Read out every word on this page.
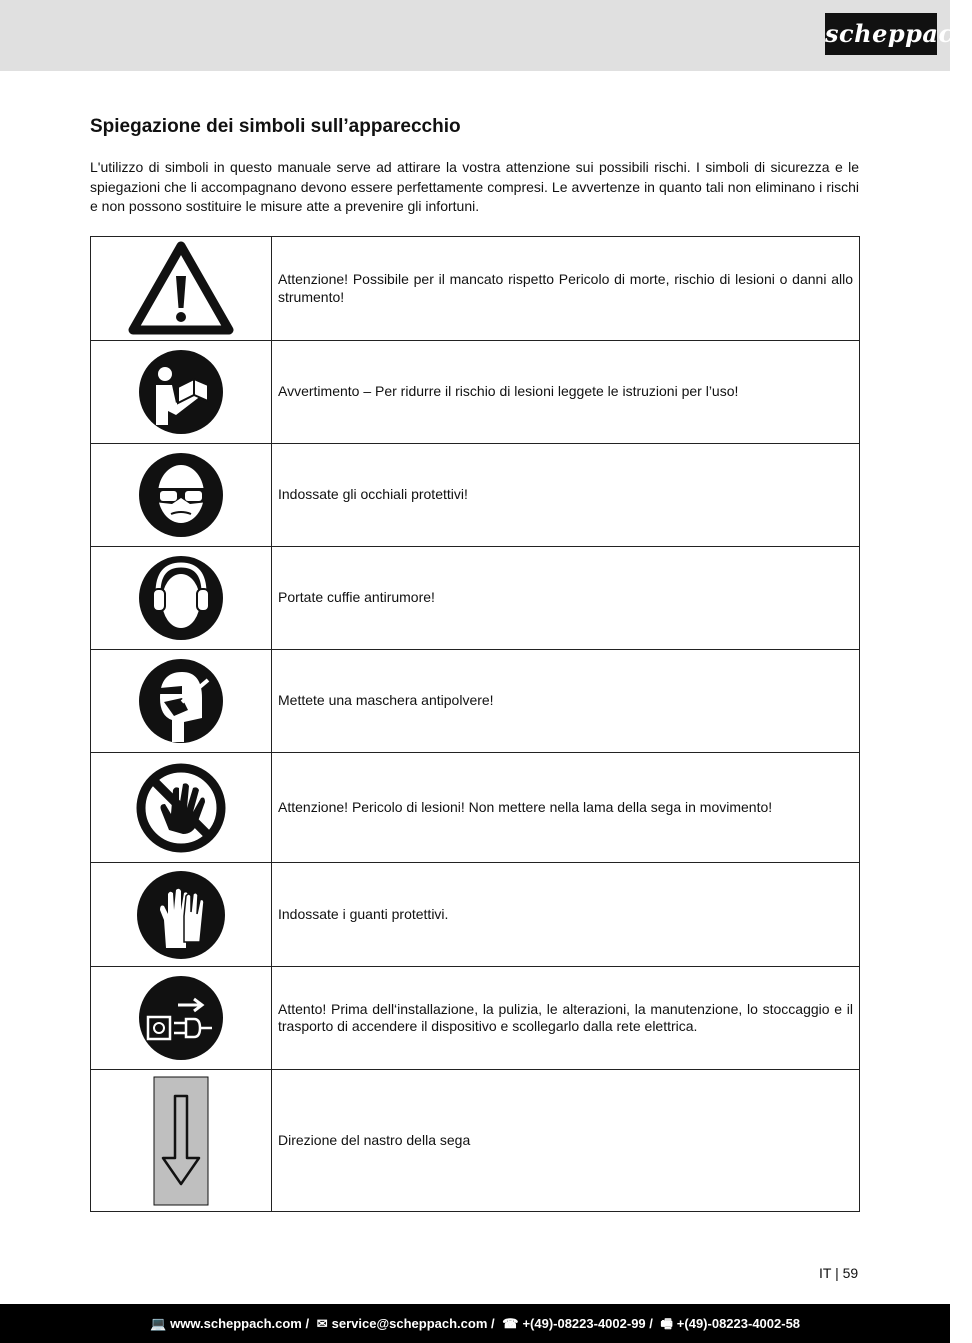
scheppach
Spiegazione dei simboli sull’apparecchio

L'utilizzo di simboli in questo manuale serve ad attirare la vostra attenzione sui possibili rischi. I simboli di sicurezza e le spiegazioni che li accompagnano devono essere perfettamente compresi. Le avvertenze in quanto tali non eliminano i rischi e non possono sostituire le misure atte a prevenire gli infortuni.

	Attenzione! Possibile per il mancato rispetto Pericolo di morte, rischio di lesioni o danni allo strumento!

	Avvertimento – Per ridurre il rischio di lesioni leggete le istruzioni per l’uso!

	Indossate gli occhiali protettivi!

	Portate cuffie antirumore!

	Mettete una maschera antipolvere!

	Attenzione! Pericolo di lesioni! Non mettere nella lama della sega in movimento!

	Indossate i guanti protettivi.

	Attento! Prima dell‘installazione, la pulizia, le alterazioni, la manutenzione, lo stoccaggio e il trasporto di accendere il dispositivo e scollegarlo dalla rete elettrica.

	Direzione del nastro della sega
IT | 59
💻 www.scheppach.com / ✉ service@scheppach.com / ☎ +(49)-08223-4002-99 / 🖷 +(49)-08223-4002-58
